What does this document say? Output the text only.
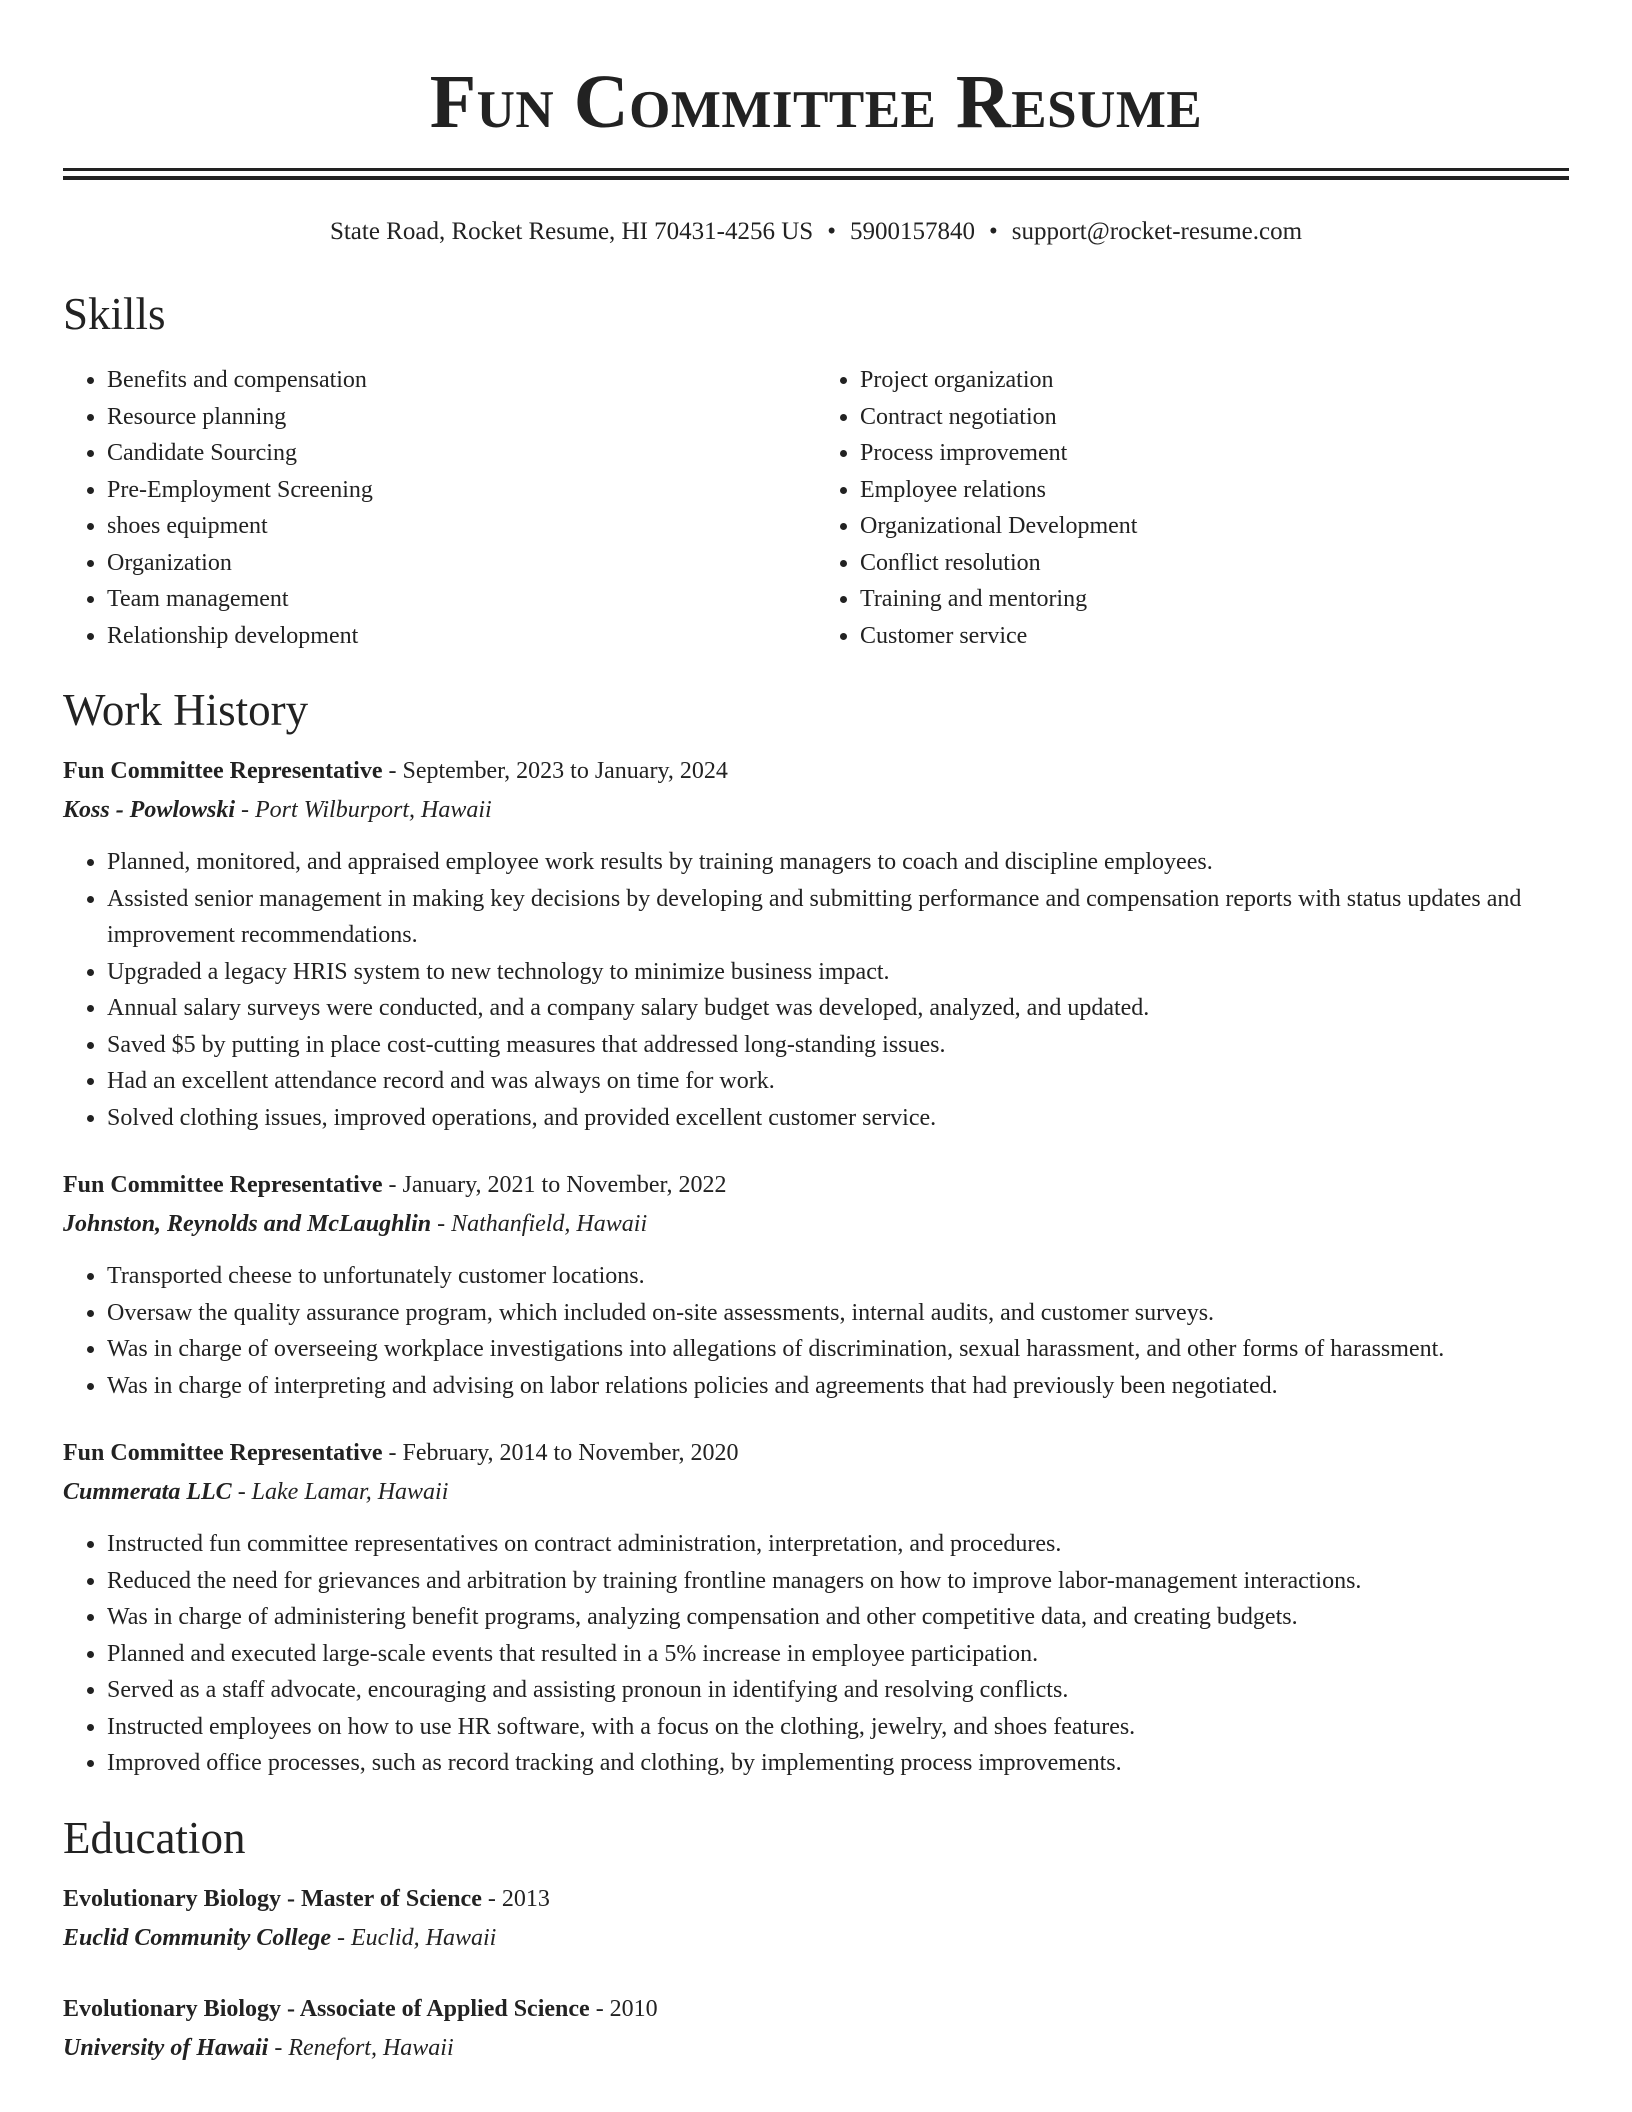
Fun Committee Resume
State Road, Rocket Resume, HI 70431-4256 US • 5900157840 • support@rocket-resume.com
Skills
• Benefits and compensation
• Resource planning
• Candidate Sourcing
• Pre-Employment Screening
• shoes equipment
• Organization
• Team management
• Relationship development
• Project organization
• Contract negotiation
• Process improvement
• Employee relations
• Organizational Development
• Conflict resolution
• Training and mentoring
• Customer service
Work History
Fun Committee Representative - September, 2023 to January, 2024
Koss - Powlowski - Port Wilburport, Hawaii
• Planned, monitored, and appraised employee work results by training managers to coach and discipline employees.
• Assisted senior management in making key decisions by developing and submitting performance and compensation reports with status updates and improvement recommendations.
• Upgraded a legacy HRIS system to new technology to minimize business impact.
• Annual salary surveys were conducted, and a company salary budget was developed, analyzed, and updated.
• Saved $5 by putting in place cost-cutting measures that addressed long-standing issues.
• Had an excellent attendance record and was always on time for work.
• Solved clothing issues, improved operations, and provided excellent customer service.
Fun Committee Representative - January, 2021 to November, 2022
Johnston, Reynolds and McLaughlin - Nathanfield, Hawaii
• Transported cheese to unfortunately customer locations.
• Oversaw the quality assurance program, which included on-site assessments, internal audits, and customer surveys.
• Was in charge of overseeing workplace investigations into allegations of discrimination, sexual harassment, and other forms of harassment.
• Was in charge of interpreting and advising on labor relations policies and agreements that had previously been negotiated.
Fun Committee Representative - February, 2014 to November, 2020
Cummerata LLC - Lake Lamar, Hawaii
• Instructed fun committee representatives on contract administration, interpretation, and procedures.
• Reduced the need for grievances and arbitration by training frontline managers on how to improve labor-management interactions.
• Was in charge of administering benefit programs, analyzing compensation and other competitive data, and creating budgets.
• Planned and executed large-scale events that resulted in a 5% increase in employee participation.
• Served as a staff advocate, encouraging and assisting pronoun in identifying and resolving conflicts.
• Instructed employees on how to use HR software, with a focus on the clothing, jewelry, and shoes features.
• Improved office processes, such as record tracking and clothing, by implementing process improvements.
Education
Evolutionary Biology - Master of Science - 2013
Euclid Community College - Euclid, Hawaii
Evolutionary Biology - Associate of Applied Science - 2010
University of Hawaii - Renefort, Hawaii
